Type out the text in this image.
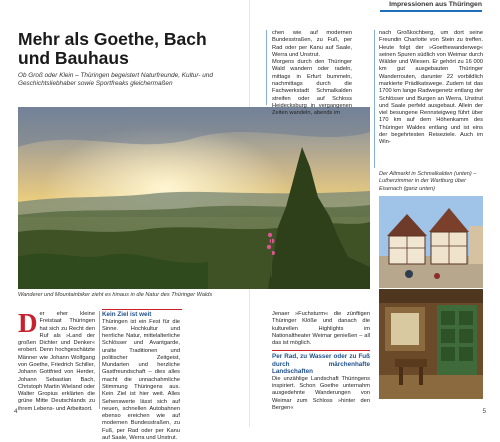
Impressionen aus Thüringen
Mehr als Goethe, Bach
und Bauhaus
Ob Groß oder Klein – Thüringen begeistert Naturfreunde, Kultur- und Geschichtsliebhaber sowie Sportfreaks gleichermaßen
Wanderer und Mountainbiker zieht es hinaus in die Natur des Thüringer Walds
D er eher kleine Freistaat Thüringen hat sich zu Recht den Ruf als »Land der großen Dichter und Denker« erobert. Denn hochgeschätzte Männer wie Johann Wolfgang von Goethe, Friedrich Schiller, Johann Gottfried von Herder, Johann Sebastian Bach, Christoph Martin Wieland oder Walter Gropius erklärten die grüne Mitte Deutschlands zu ihrem Lebens- und Arbeitsort.
Kein Ziel ist weit

Thüringen ist ein Fest für die Sinne. Hochkultur und herrliche Natur, mittelalterliche Schlösser und Avantgarde, uralte Traditionen und politischer Zeitgeist, Mundarten und herzliche Gastfreundschaft – dies alles macht die unnachahmliche Stimmung Thüringens aus. Kein Ziel ist hier weit. Alles Sehenswerte lässt sich auf neuen, schnellen Autobahnen ebenso ereichen wie auf modernen Bundesstraßen, zu Fuß, per Rad oder per Kanu auf Saale, Werra und Unstrut.

chen wie auf modernen Bundesstraßen, zu Fuß, per Rad oder per Kanu auf Saale, Werra und Unstrut.

Morgens durch den Thüringer Wald wandern oder radeln, mittags in Erfurt bummeln, nachmittags durch die Fachwerkstadt Schmalkalden streifen oder auf Schloss Heidecksburg in vergangenen Zeiten wandeln, abends im

Jenaer »Fuchsturm« die zünftigen Thüringer Klöße und danach die kulturellen Highlights im Nationaltheater Weimar genießen – all das ist möglich.

Per Rad, zu Wasser oder zu Fuß durch märchenhafte Landschaften

Die unzählige Landschaft Thüringens inspiriert. Schon Goethe unternahm ausgedehnte Wanderungen von Weimar zum Schloss »hinter den Bergen«

nach Großkochberg, um dort seine Freundin Charlotte von Stein zu treffen. Heute folgt der »Goethewanderweg« seinen Spuren südlich von Weimar durch Wälder und Wiesen. Er gehört zu 16 000 km gut ausgebauten Thüringer Wanderrouten, darunter 22 vorbildlich markierte Prädikatswege. Zudem ist das 1700 km lange Radwegenetz entlang der Schlösser und Burgen an Werra, Unstrut und Saale perfekt ausgebaut. Allein der viel besungene Rennsteigweg führt über 170 km auf dem Höhenkamm des Thüringer Waldes entlang und ist eins der begehrtesten Reiseziele. Auch im Win-

Der Altmarkt in Schmalkalden (unten) – Lutherzimmer in der Wartburg über Eisenach (ganz unten)
4	5
